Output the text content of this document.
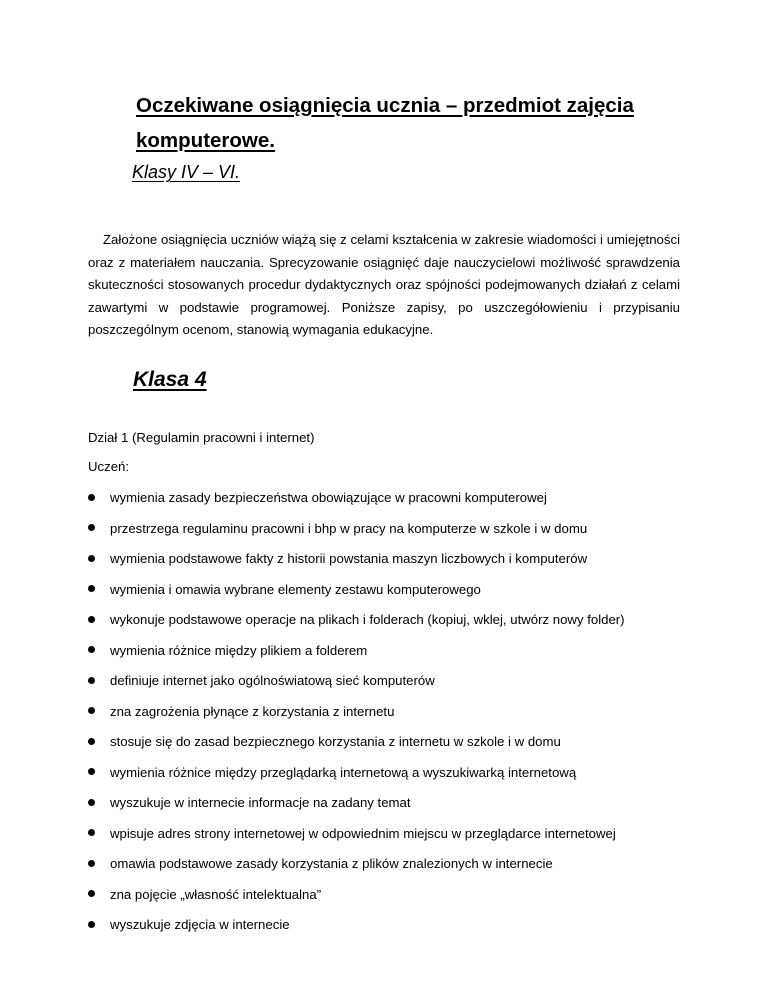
Oczekiwane osiągnięcia ucznia – przedmiot zajęcia komputerowe.
Klasy IV – VI.

Założone osiągnięcia uczniów wiążą się z celami kształcenia w zakresie wiadomości i umiejętności oraz z materiałem nauczania. Sprecyzowanie osiągnięć daje nauczycielowi możliwość sprawdzenia skuteczności stosowanych procedur dydaktycznych oraz spójności podejmowanych działań z celami zawartymi w podstawie programowej. Poniższe zapisy, po uszczegółowieniu i przypisaniu poszczególnym ocenom, stanowią wymagania edukacyjne.

Klasa 4
Dział 1 (Regulamin pracowni i internet)
Uczeń:
wymienia zasady bezpieczeństwa obowiązujące w pracowni komputerowej
przestrzega regulaminu pracowni i bhp w pracy na komputerze w szkole i w domu
wymienia podstawowe fakty z historii powstania maszyn liczbowych i komputerów
wymienia i omawia wybrane elementy zestawu komputerowego
wykonuje podstawowe operacje na plikach i folderach (kopiuj, wklej, utwórz nowy folder)
wymienia różnice między plikiem a folderem
definiuje internet jako ogólnoświatową sieć komputerów
zna zagrożenia płynące z korzystania z internetu
stosuje się do zasad bezpiecznego korzystania z internetu w szkole i w domu
wymienia różnice między przeglądarką internetową a wyszukiwarką internetową
wyszukuje w internecie informacje na zadany temat
wpisuje adres strony internetowej w odpowiednim miejscu w przeglądarce internetowej
omawia podstawowe zasady korzystania z plików znalezionych w internecie
zna pojęcie „własność intelektualna”
wyszukuje zdjęcia w internecie
